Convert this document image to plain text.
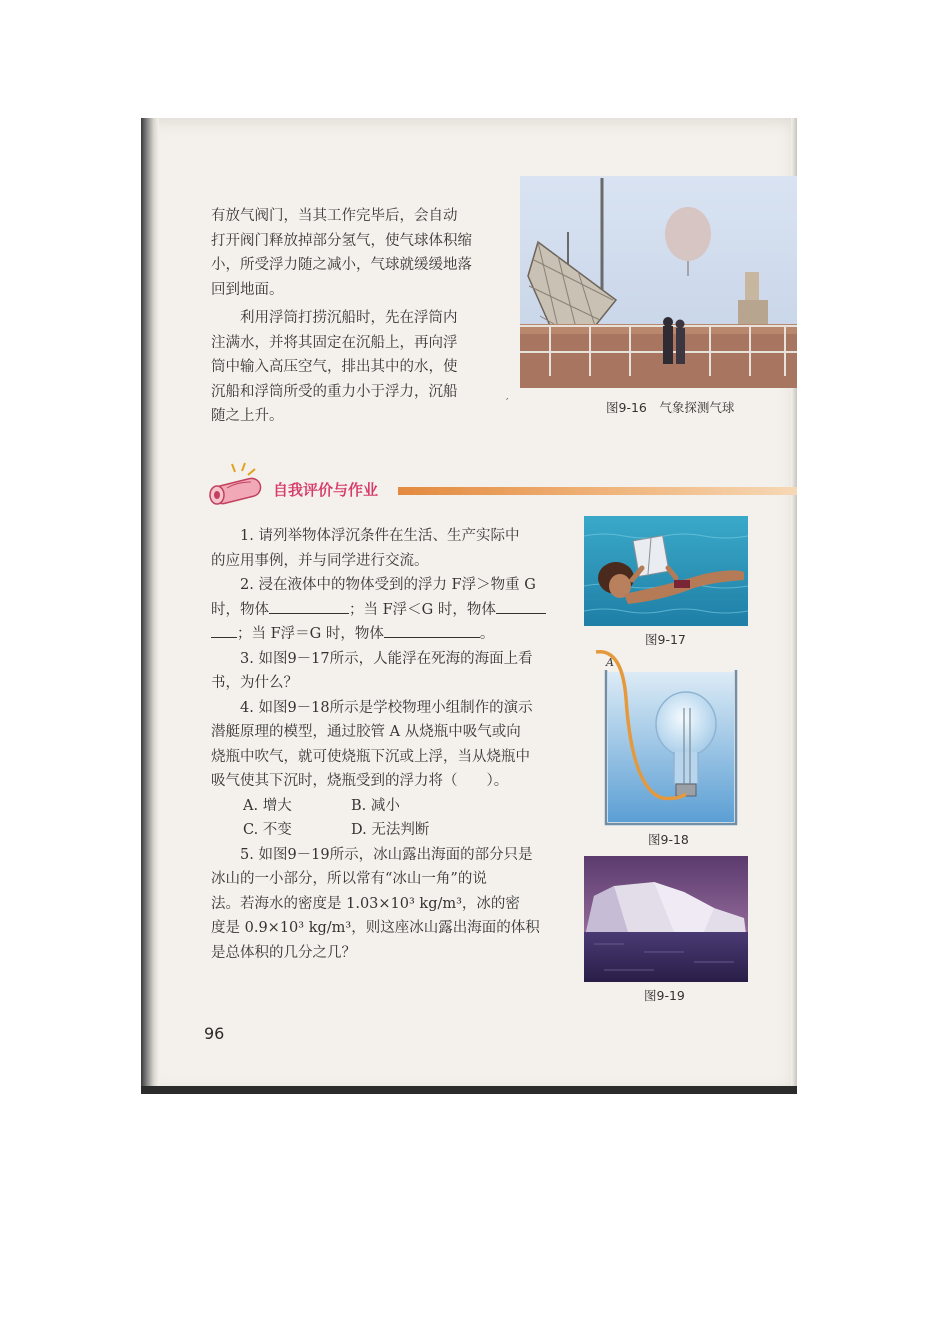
有放气阀门，当其工作完毕后，会自动
打开阀门释放掉部分氢气，使气球体积缩
小，所受浮力随之减小，气球就缓缓地落
回到地面。
利用浮筒打捞沉船时，先在浮筒内
注满水，并将其固定在沉船上，再向浮
筒中输入高压空气，排出其中的水，使
沉船和浮筒所受的重力小于浮力，沉船
随之上升。
图9-16　气象探测气球
′
自我评价与作业
1. 请列举物体浮沉条件在生活、生产实际中
的应用事例，并与同学进行交流。
2. 浸在液体中的物体受到的浮力 F浮＞物重 G
时，物体	；当 F浮＜G 时，物体
；当 F浮＝G 时，物体	。
3. 如图9－17所示，人能浮在死海的海面上看
书，为什么？
4. 如图9－18所示是学校物理小组制作的演示
潜艇原理的模型，通过胶管 A 从烧瓶中吸气或向
烧瓶中吹气，就可使烧瓶下沉或上浮，当从烧瓶中
吸气使其下沉时，烧瓶受到的浮力将（　　）。
A. 增大	B. 减小
C. 不变	D. 无法判断
5. 如图9－19所示，冰山露出海面的部分只是
冰山的一小部分，所以常有“冰山一角”的说
法。若海水的密度是 1.03×10³ kg/m³，冰的密
度是 0.9×10³ kg/m³，则这座冰山露出海面的体积
是总体积的几分之几？
图9-17
A
图9-18
图9-19
96
